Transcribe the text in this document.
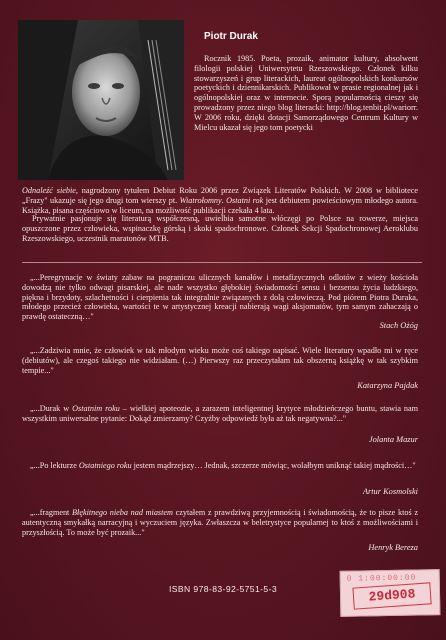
Piotr Durak

Rocznik 1985. Poeta, prozaik, animator kultury, absolwent filologii polskiej Uniwersytetu Rzeszowskiego. Członek kilku stowarzyszeń i grup literackich, laureat ogólnopolskich konkursów poetyckich i dziennikarskich. Publikował w prasie regionalnej jak i ogólnopolskiej oraz w internecie. Sporą popularnością cieszy się prowadzony przez niego blog literacki: http://blog.tenbit.pl/wariorr. W 2006 roku, dzięki dotacji Samorządowego Centrum Kultury w Mielcu ukazał się jego tom poetycki

Odnaleźć siebie, nagrodzony tytułem Debiut Roku 2006 przez Związek Literatów Polskich. W 2008 w bibliotece „Frazy" ukazuje się jego drugi tom wierszy pt. Wiatrołomny. Ostatni rok jest debiutem powieściowym młodego autora. Książka, pisana częściowo w liceum, na możliwość publikacji czekała 4 lata.

Prywatnie pasjonuje się literaturą współczesną, uwielbia samotne włóczęgi po Polsce na rowerze, miejsca opuszczone przez człowieka, wspinaczkę górską i skoki spadochronowe. Członek Sekcji Spadochronowej Aeroklubu Rzeszowskiego, uczestnik maratonów MTB.

„...Peregrynacje w światy zabaw na pograniczu ulicznych kanałów i metafizycznych odlotów z wieży kościoła dowodzą nie tylko odwagi pisarskiej, ale nade wszystko głębokiej świadomości sensu i bezsensu życia ludzkiego, piękna i brzydoty, szlachetności i cierpienia tak integralnie związanych z dolą człowieczą. Pod piórem Piotra Duraka, młodego przecież człowieka, wartości te w artystycznej kreacji nabierają wagi aksjomatów, tym samym zahaczają o prawdę ostateczną…"

Stach Ożóg

„...Zadziwia mnie, że człowiek w tak młodym wieku może coś takiego napisać. Wiele literatury wpadło mi w ręce (debiutów), ale czegoś takiego nie widziałam. (…) Pierwszy raz przeczytałam tak obszerną książkę w tak szybkim tempie..."

Katarzyna Pajdak

„...Durak w Ostatnim roku – wielkiej apoteozie, a zarazem inteligentnej krytyce młodzieńczego buntu, stawia nam wszystkim uniwersalne pytanie: Dokąd zmierzamy? Czyżby odpowiedź była aż tak negatywna?..."

Jolanta Mazur

„...Po lekturze Ostatniego roku jestem mądrzejszy… Jednak, szczerze mówiąc, wolałbym uniknąć takiej mądrości…"

Artur Kosmolski

„...fragment Błękitnego nieba nad miastem czytałem z prawdziwą przyjemnością i świadomością, że to pisze ktoś z autentyczną smykałką narracyjną i wyczuciem języka. Zwłaszcza w beletrystyce popularnej to ktoś z możliwościami i przyszłością. To może być prozaik..."

Henryk Bereza
ISBN 978-83-92-5751-5-3
0 1:00:00:00
29d908
